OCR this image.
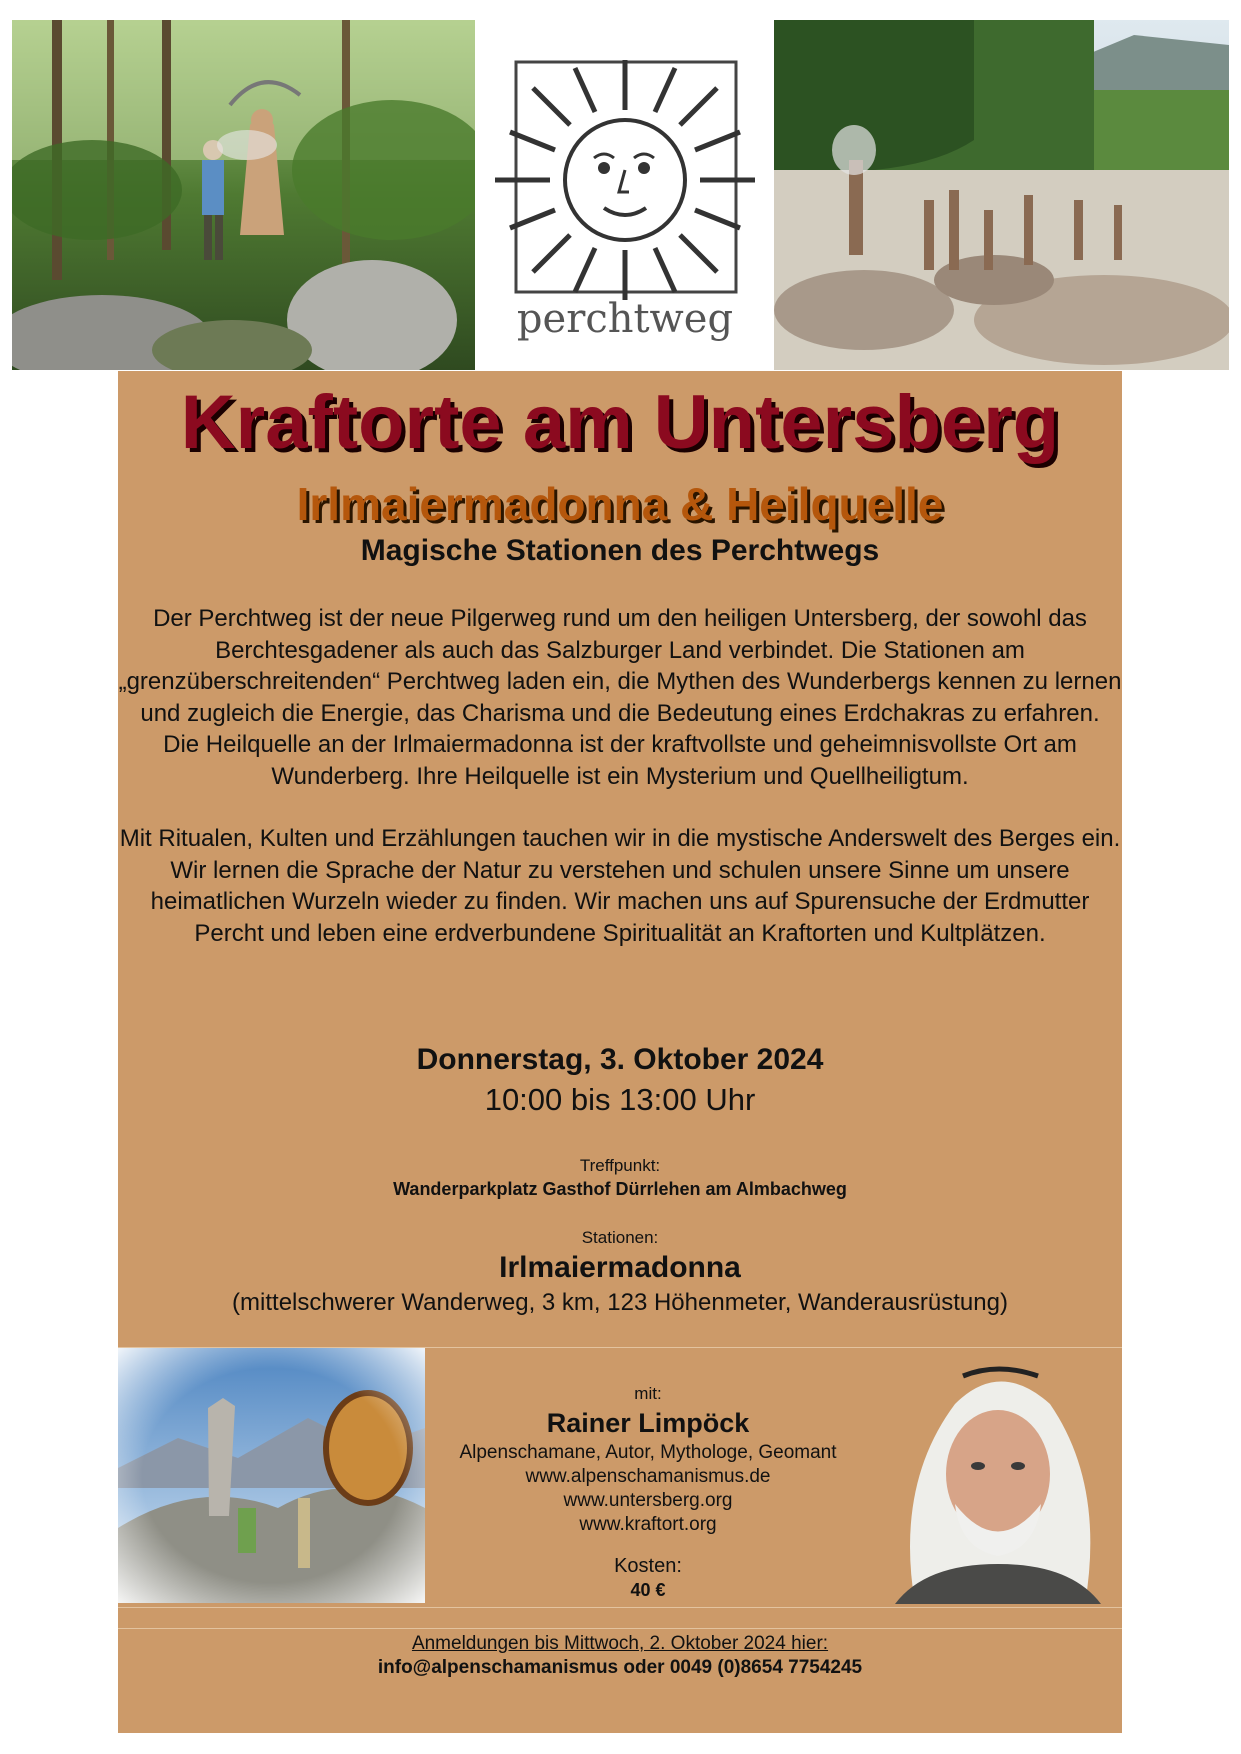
perchtweg
Kraftorte am Untersberg
Irlmaiermadonna & Heilquelle
Magische Stationen des Perchtwegs

Der Perchtweg ist der neue Pilgerweg rund um den heiligen Untersberg, der sowohl das Berchtesgadener als auch das Salzburger Land verbindet. Die Stationen am „grenzüberschreitenden“ Perchtweg laden ein, die Mythen des Wunderbergs kennen zu lernen und zugleich die Energie, das Charisma und die Bedeutung eines Erdchakras zu erfahren.

Die Heilquelle an der Irlmaiermadonna ist der kraftvollste und geheimnisvollste Ort am Wunderberg. Ihre Heilquelle ist ein Mysterium und Quellheiligtum.

Mit Ritualen, Kulten und Erzählungen tauchen wir in die mystische Anderswelt des Berges ein. Wir lernen die Sprache der Natur zu verstehen und schulen unsere Sinne um unsere heimatlichen Wurzeln wieder zu finden. Wir machen uns auf Spurensuche der Erdmutter Percht und leben eine erdverbundene Spiritualität an Kraftorten und Kultplätzen.

Donnerstag, 3. Oktober 2024
10:00 bis 13:00 Uhr
Treffpunkt:
Wanderparkplatz Gasthof Dürrlehen am Almbachweg
Stationen:
Irlmaiermadonna
(mittelschwerer Wanderweg, 3 km, 123 Höhenmeter, Wanderausrüstung)
mit:
Rainer Limpöck
Alpenschamane, Autor, Mythologe, Geomant
www.alpenschamanismus.de
www.untersberg.org
www.kraftort.org
Kosten:
40 €
Anmeldungen bis Mittwoch, 2. Oktober 2024 hier:
info@alpenschamanismus oder 0049 (0)8654 7754245
